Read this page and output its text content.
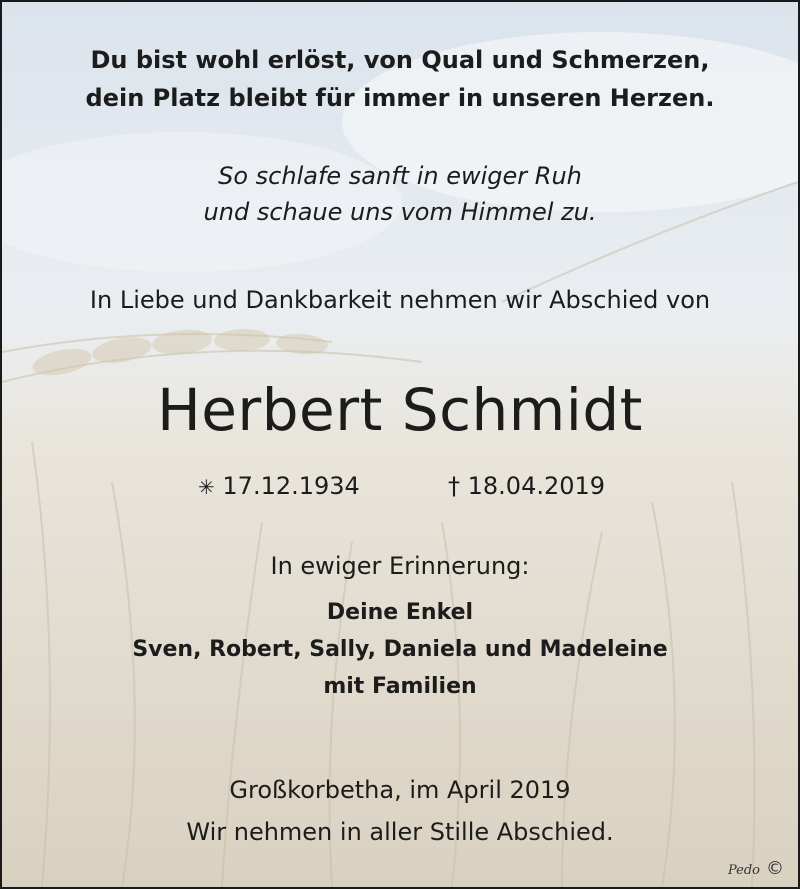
Du bist wohl erlöst, von Qual und Schmerzen,
dein Platz bleibt für immer in unseren Herzen.
So schlafe sanft in ewiger Ruh
und schaue uns vom Himmel zu.
In Liebe und Dankbarkeit nehmen wir Abschied von
Herbert Schmidt
✳ 17.12.1934	† 18.04.2019
In ewiger Erinnerung:
Deine Enkel
Sven, Robert, Sally, Daniela und Madeleine
mit Familien
Großkorbetha, im April 2019
Wir nehmen in aller Stille Abschied.
Pedo ©
